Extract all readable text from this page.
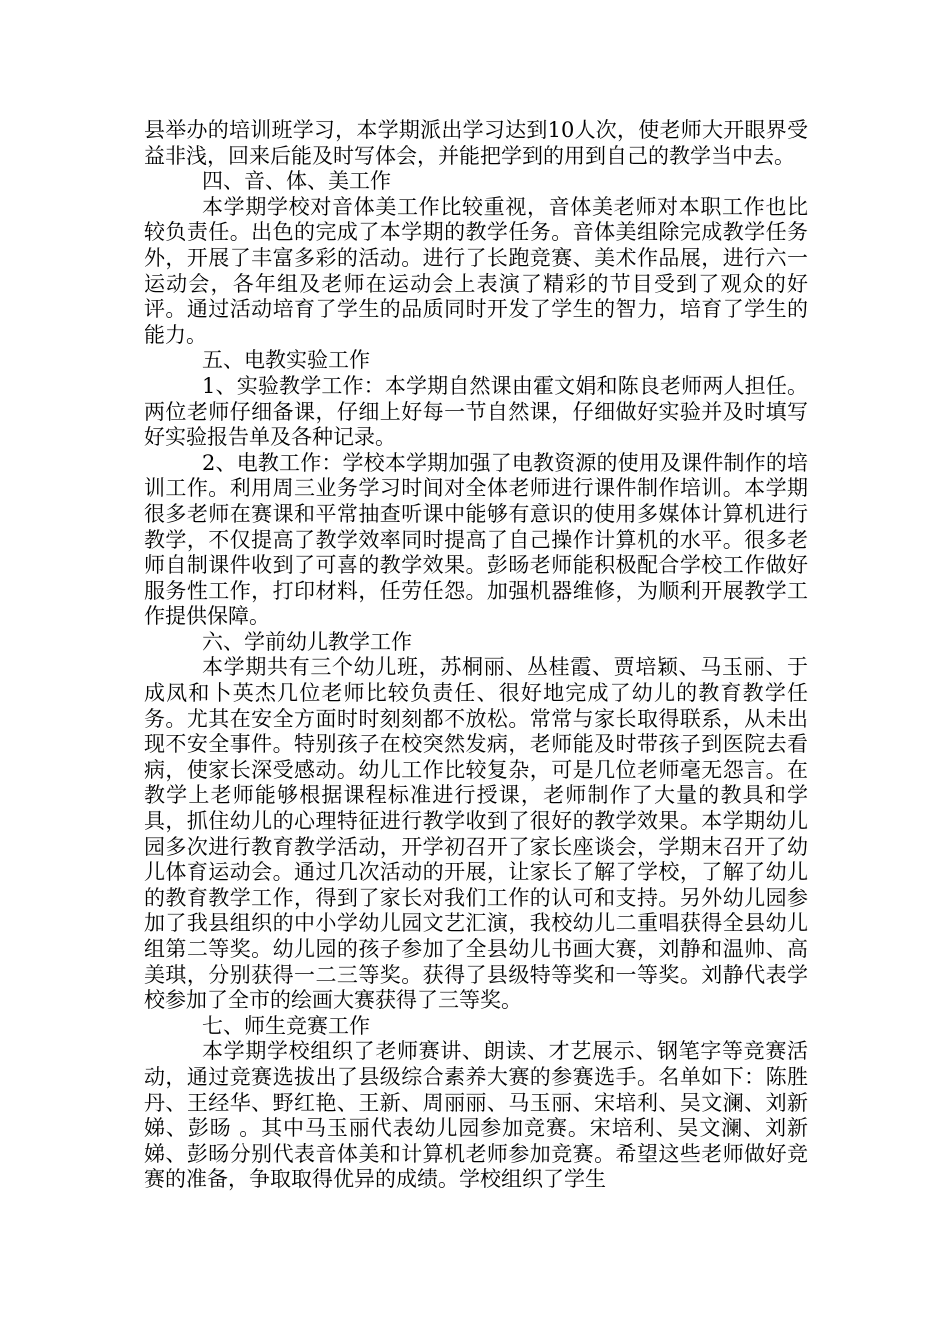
县举办的培训班学习，本学期派出学习达到10人次，使老师大开眼界受益非浅，回来后能及时写体会，并能把学到的用到自己的教学当中去。

四、音、体、美工作

本学期学校对音体美工作比较重视，音体美老师对本职工作也比较负责任。出色的完成了本学期的教学任务。音体美组除完成教学任务外，开展了丰富多彩的活动。进行了长跑竞赛、美术作品展，进行六一运动会，各年组及老师在运动会上表演了精彩的节目受到了观众的好评。通过活动培育了学生的品质同时开发了学生的智力，培育了学生的能力。

五、电教实验工作

1、实验教学工作：本学期自然课由霍文娟和陈良老师两人担任。两位老师仔细备课，仔细上好每一节自然课，仔细做好实验并及时填写好实验报告单及各种记录。

2、电教工作：学校本学期加强了电教资源的使用及课件制作的培训工作。利用周三业务学习时间对全体老师进行课件制作培训。本学期很多老师在赛课和平常抽查听课中能够有意识的使用多媒体计算机进行教学，不仅提高了教学效率同时提高了自己操作计算机的水平。很多老师自制课件收到了可喜的教学效果。彭旸老师能积极配合学校工作做好服务性工作，打印材料，任劳任怨。加强机器维修，为顺利开展教学工作提供保障。

六、学前幼儿教学工作

本学期共有三个幼儿班，苏桐丽、丛桂霞、贾培颖、马玉丽、于成凤和卜英杰几位老师比较负责任、很好地完成了幼儿的教育教学任务。尤其在安全方面时时刻刻都不放松。常常与家长取得联系，从未出现不安全事件。特别孩子在校突然发病，老师能及时带孩子到医院去看病，使家长深受感动。幼儿工作比较复杂，可是几位老师毫无怨言。在教学上老师能够根据课程标准进行授课，老师制作了大量的教具和学具，抓住幼儿的心理特征进行教学收到了很好的教学效果。本学期幼儿园多次进行教育教学活动，开学初召开了家长座谈会，学期末召开了幼儿体育运动会。通过几次活动的开展，让家长了解了学校，了解了幼儿的教育教学工作，得到了家长对我们工作的认可和支持。另外幼儿园参加了我县组织的中小学幼儿园文艺汇演，我校幼儿二重唱获得全县幼儿组第二等奖。幼儿园的孩子参加了全县幼儿书画大赛，刘静和温帅、高美琪，分别获得一二三等奖。获得了县级特等奖和一等奖。刘静代表学校参加了全市的绘画大赛获得了三等奖。

七、师生竞赛工作

本学期学校组织了老师赛讲、朗读、才艺展示、钢笔字等竞赛活动，通过竞赛选拔出了县级综合素养大赛的参赛选手。名单如下：陈胜丹、王经华、野红艳、王新、周丽丽、马玉丽、宋培利、吴文澜、刘新娣、彭旸 。其中马玉丽代表幼儿园参加竞赛。宋培利、吴文澜、刘新娣、彭旸分别代表音体美和计算机老师参加竞赛。希望这些老师做好竞赛的准备，争取取得优异的成绩。学校组织了学生
